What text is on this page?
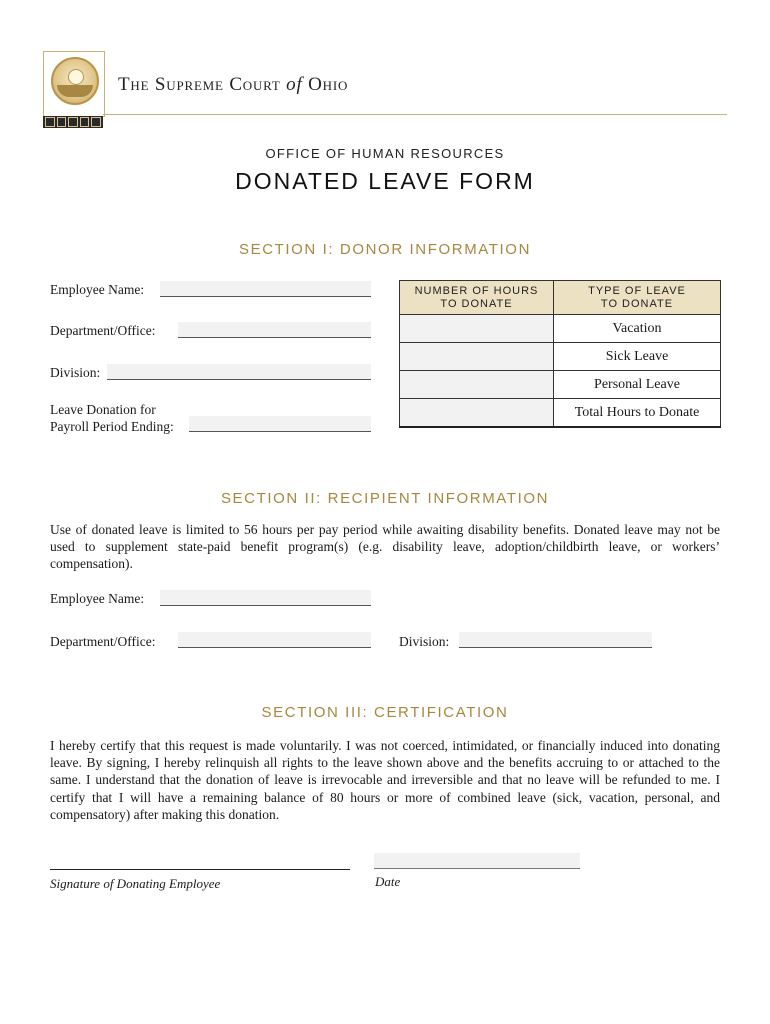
The Supreme Court of Ohio
OFFICE OF HUMAN RESOURCES
DONATED LEAVE FORM
SECTION I: DONOR INFORMATION
Employee Name:
Department/Office:
Division:
Leave Donation for
Payroll Period Ending:
NUMBER OF HOURS
TO DONATE	TYPE OF LEAVE
TO DONATE
	Vacation
	Sick Leave
	Personal Leave
	Total Hours to Donate
SECTION II: RECIPIENT INFORMATION
Use of donated leave is limited to 56 hours per pay period while awaiting disability benefits. Donated leave may not be used to supplement state-paid benefit program(s) (e.g. disability leave, adoption/childbirth leave, or workers’ compensation).
Employee Name:
Department/Office:	Division:
SECTION III: CERTIFICATION
I hereby certify that this request is made voluntarily. I was not coerced, intimidated, or financially induced into donating leave. By signing, I hereby relinquish all rights to the leave shown above and the benefits accruing to or attached to the same. I understand that the donation of leave is irrevocable and irreversible and that no leave will be refunded to me. I certify that I will have a remaining balance of 80 hours or more of combined leave (sick, vacation, personal, and compensatory) after making this donation.
Signature of Donating Employee	Date
